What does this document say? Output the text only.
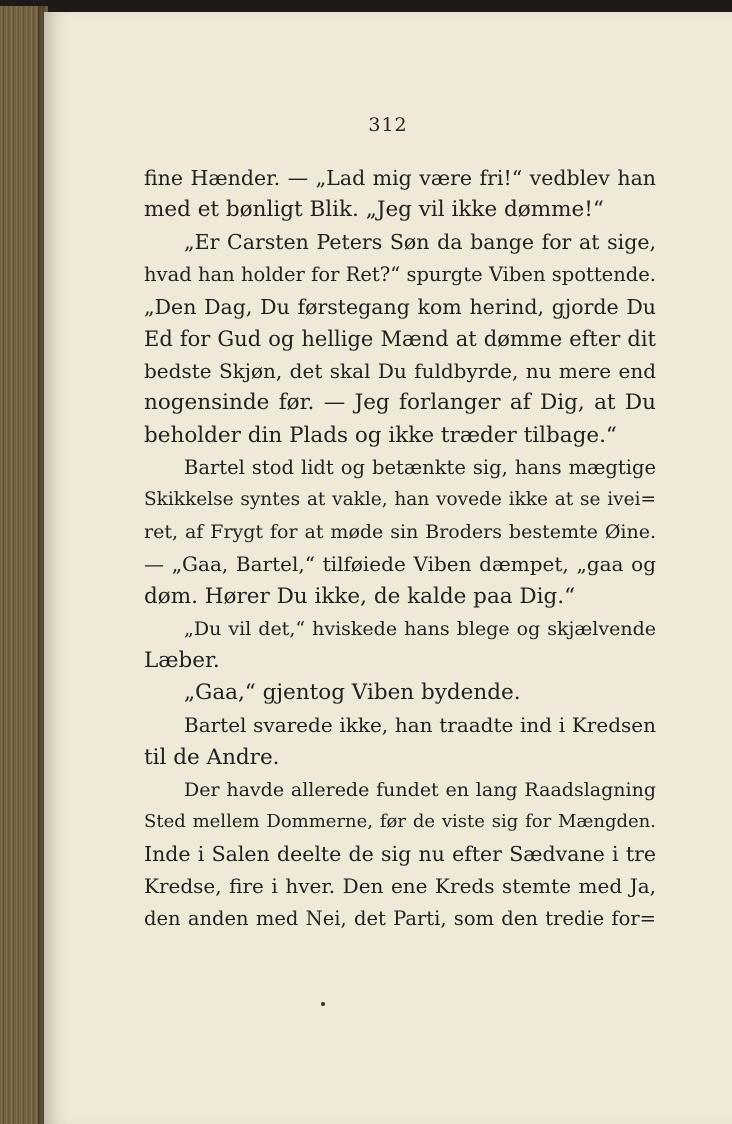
312
fine Hænder. — „Lad mig være fri!“ vedblev han
med et bønligt Blik. „Jeg vil ikke dømme!“
„Er Carsten Peters Søn da bange for at sige,
hvad han holder for Ret?“ spurgte Viben spottende.
„Den Dag, Du førstegang kom herind, gjorde Du
Ed for Gud og hellige Mænd at dømme efter dit
bedste Skjøn, det skal Du fuldbyrde, nu mere end
nogensinde før. — Jeg forlanger af Dig, at Du
beholder din Plads og ikke træder tilbage.“
Bartel stod lidt og betænkte sig, hans mægtige
Skikkelse syntes at vakle, han vovede ikke at se ivei=
ret, af Frygt for at møde sin Broders bestemte Øine.
— „Gaa, Bartel,“ tilføiede Viben dæmpet, „gaa og
døm. Hører Du ikke, de kalde paa Dig.“
„Du vil det,“ hviskede hans blege og skjælvende
Læber.
„Gaa,“ gjentog Viben bydende.
Bartel svarede ikke, han traadte ind i Kredsen
til de Andre.
Der havde allerede fundet en lang Raadslagning
Sted mellem Dommerne, før de viste sig for Mængden.
Inde i Salen deelte de sig nu efter Sædvane i tre
Kredse, fire i hver. Den ene Kreds stemte med Ja,
den anden med Nei, det Parti, som den tredie for=
